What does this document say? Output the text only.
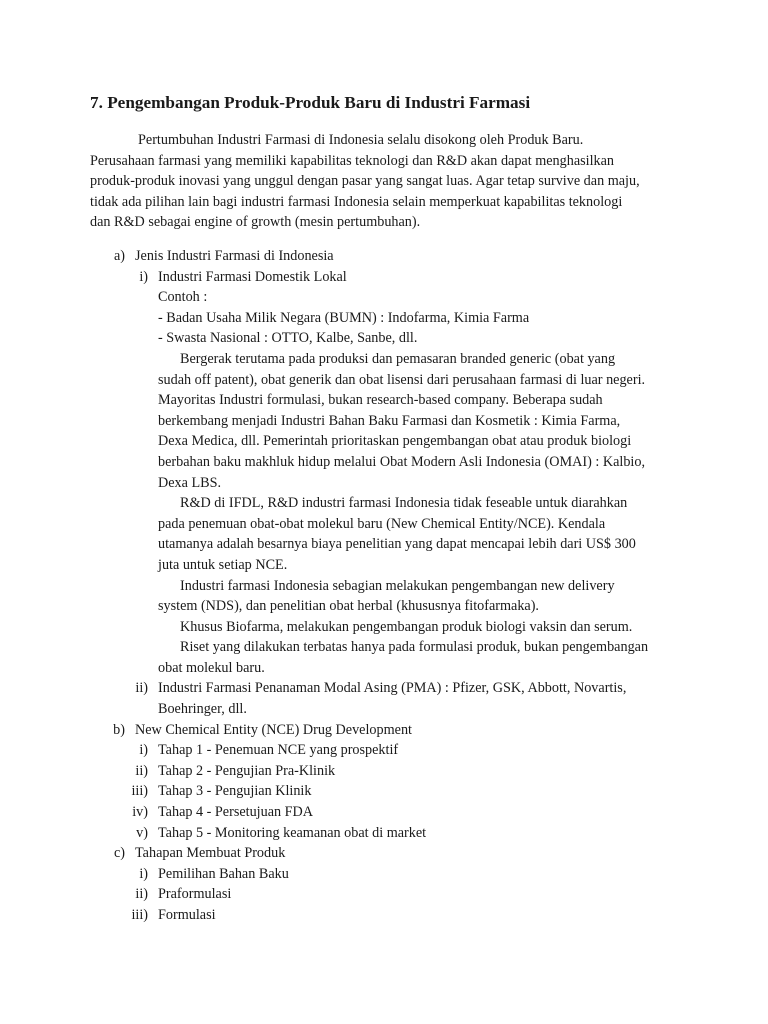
7. Pengembangan Produk-Produk Baru di Industri Farmasi

Pertumbuhan Industri Farmasi di Indonesia selalu disokong oleh Produk Baru.

Perusahaan farmasi yang memiliki kapabilitas teknologi dan R&D akan dapat menghasilkan

produk-produk inovasi yang unggul dengan pasar yang sangat luas. Agar tetap survive dan maju,

tidak ada pilihan lain bagi industri farmasi Indonesia selain memperkuat kapabilitas teknologi

dan R&D sebagai engine of growth (mesin pertumbuhan).

a) Jenis Industri Farmasi di Indonesia
i) Industri Farmasi Domestik Lokal
Contoh :
- Badan Usaha Milik Negara (BUMN) : Indofarma, Kimia Farma
- Swasta Nasional : OTTO, Kalbe, Sanbe, dll.
Bergerak terutama pada produksi dan pemasaran branded generic (obat yang
sudah off patent), obat generik dan obat lisensi dari perusahaan farmasi di luar negeri.
Mayoritas Industri formulasi, bukan research-based company. Beberapa sudah
berkembang menjadi Industri Bahan Baku Farmasi dan Kosmetik : Kimia Farma,
Dexa Medica, dll. Pemerintah prioritaskan pengembangan obat atau produk biologi
berbahan baku makhluk hidup melalui Obat Modern Asli Indonesia (OMAI) : Kalbio,
Dexa LBS.
R&D di IFDL, R&D industri farmasi Indonesia tidak feseable untuk diarahkan
pada penemuan obat-obat molekul baru (New Chemical Entity/NCE). Kendala
utamanya adalah besarnya biaya penelitian yang dapat mencapai lebih dari US$ 300
juta untuk setiap NCE.
Industri farmasi Indonesia sebagian melakukan pengembangan new delivery
system (NDS), dan penelitian obat herbal (khususnya fitofarmaka).
Khusus Biofarma, melakukan pengembangan produk biologi vaksin dan serum.
Riset yang dilakukan terbatas hanya pada formulasi produk, bukan pengembangan
obat molekul baru.
ii) Industri Farmasi Penanaman Modal Asing (PMA) : Pfizer, GSK, Abbott, Novartis,
Boehringer, dll.
b) New Chemical Entity (NCE) Drug Development
i) Tahap 1 - Penemuan NCE yang prospektif
ii) Tahap 2 - Pengujian Pra-Klinik
iii) Tahap 3 - Pengujian Klinik
iv) Tahap 4 - Persetujuan FDA
v) Tahap 5 - Monitoring keamanan obat di market
c) Tahapan Membuat Produk
i) Pemilihan Bahan Baku
ii) Praformulasi
iii) Formulasi
